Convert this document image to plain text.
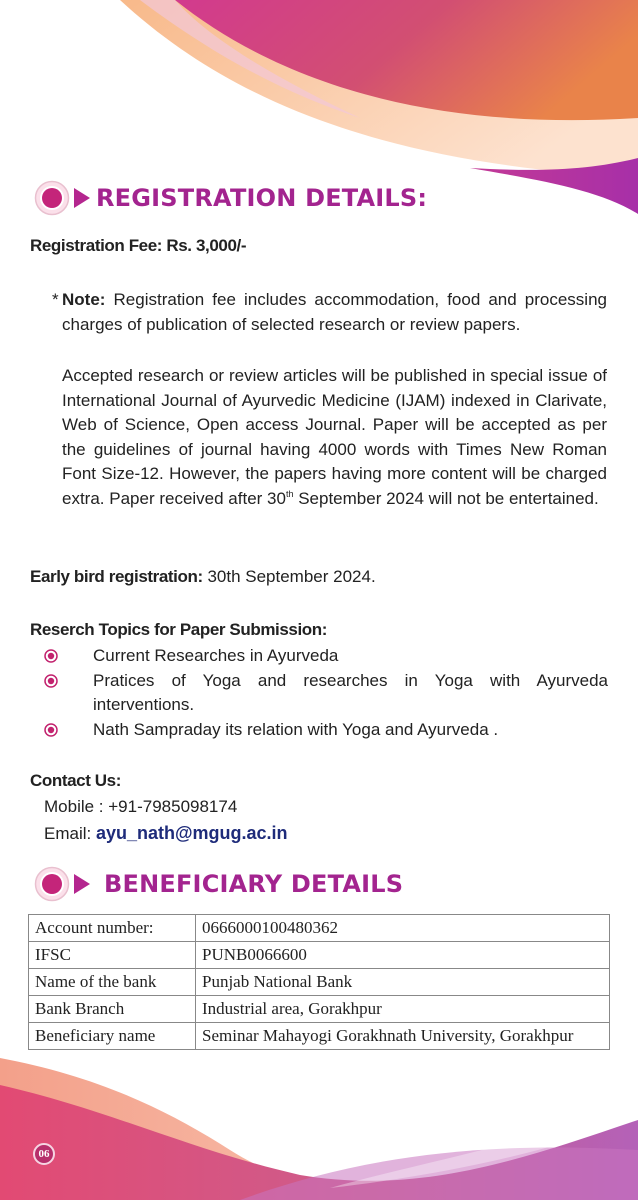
REGISTRATION DETAILS:
Registration Fee: Rs. 3,000/-
* Note: Registration fee includes accommodation, food and processing charges of publication of selected research or review papers.
Accepted research or review articles will be published in special issue of International Journal of Ayurvedic Medicine (IJAM) indexed in Clarivate, Web of Science, Open access Journal. Paper will be accepted as per the guidelines of journal having 4000 words with Times New Roman Font Size-12. However, the papers having more content will be charged extra. Paper received after 30th September 2024 will not be entertained.
Early bird registration: 30th September 2024.
Reserch Topics for Paper Submission:
Current Researches in Ayurveda
Pratices of Yoga and researches in Yoga with Ayurveda interventions.
Nath Sampraday its relation with Yoga and Ayurveda .
Contact Us:
Mobile : +91-7985098174
Email: ayu_nath@mgug.ac.in
BENEFICIARY DETAILS
Account number:	0666000100480362
IFSC	PUNB0066600
Name of the bank	Punjab National Bank
Bank Branch	Industrial area, Gorakhpur
Beneficiary name	Seminar Mahayogi Gorakhnath University, Gorakhpur
06
